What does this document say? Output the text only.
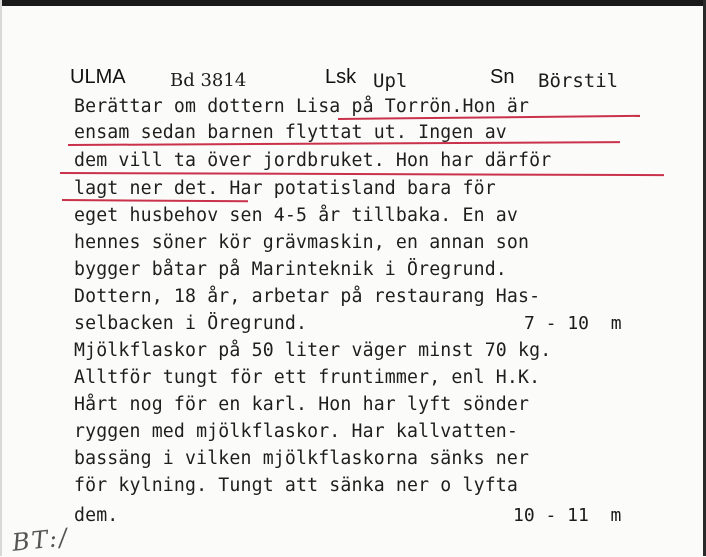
ULMA Bd 3814	Lsk Upl	Sn Börstil
Berättar om dottern Lisa på Torrön.Hon är
ensam sedan barnen flyttat ut. Ingen av
dem vill ta över jordbruket. Hon har därför
lagt ner det. Har potatisland bara för
eget husbehov sen 4-5 år tillbaka. En av
hennes söner kör grävmaskin, en annan son
bygger båtar på Marinteknik i Öregrund.
Dottern, 18 år, arbetar på restaurang Has-
selbacken i Öregrund.
Mjölkflaskor på 50 liter väger minst 70 kg.
Alltför tungt för ett fruntimmer, enl H.K.
Hårt nog för en karl. Hon har lyft sönder
ryggen med mjölkflaskor. Har kallvatten-
bassäng i vilken mjölkflaskorna sänks ner
för kylning. Tungt att sänka ner o lyfta
dem.
7 - 10  m
10 - 11  m
BT:/
